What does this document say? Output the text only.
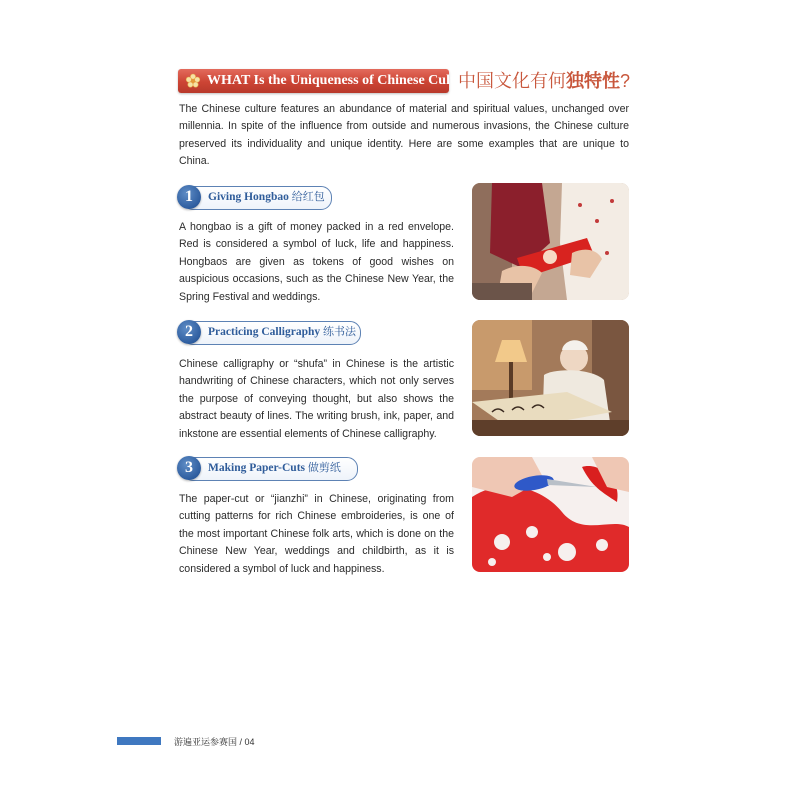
WHAT Is the Uniqueness of Chinese Culture?
中国文化有何独特性?
The Chinese culture features an abundance of material and spiritual values, unchanged over millennia. In spite of the influence from outside and numerous invasions, the Chinese culture preserved its individuality and unique identity. Here are some examples that are unique to China.
1	Giving Hongbao 给红包
A hongbao is a gift of money packed in a red envelope. Red is considered a symbol of luck, life and happiness. Hongbaos are given as tokens of good wishes on auspicious occasions, such as the Chinese New Year, the Spring Festival and weddings.
2	Practicing Calligraphy 练书法
Chinese calligraphy or “shufa” in Chinese is the artistic handwriting of Chinese characters, which not only serves the purpose of conveying thought, but also shows the abstract beauty of lines. The writing brush, ink, paper, and inkstone are essential elements of Chinese calligraphy.
3	Making Paper-Cuts 做剪纸
The paper-cut or “jianzhi” in Chinese, originating from cutting patterns for rich Chinese embroideries, is one of the most important Chinese folk arts, which is done on the Chinese New Year, weddings and childbirth, as it is considered a symbol of luck and happiness.
游遍亚运参赛国 / 04
